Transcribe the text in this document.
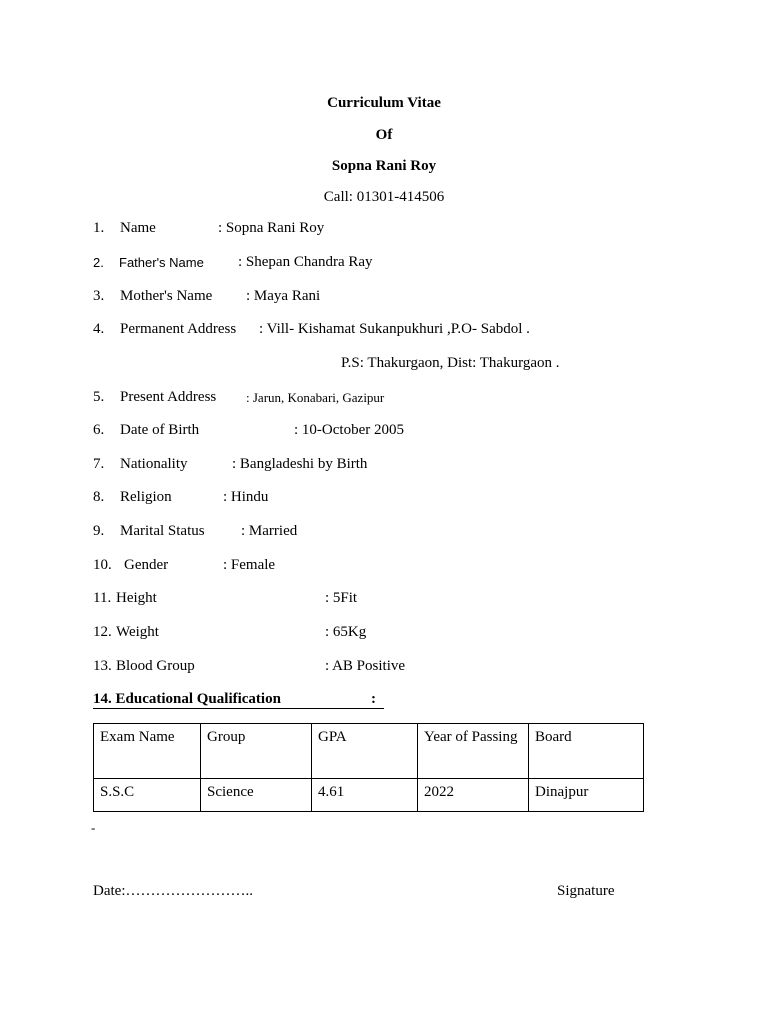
Curriculum Vitae
Of
Sopna Rani Roy
Call: 01301-414506
1. Name	: Sopna Rani Roy
2. Father's Name : Shepan Chandra Ray
3. Mother's Name : Maya Rani
4. Permanent Address : Vill- Kishamat Sukanpukhuri ,P.O- Sabdol .
P.S: Thakurgaon, Dist: Thakurgaon .
5. Present Address : Jarun, Konabari, Gazipur
6. Date of Birth	: 10-October 2005
7. Nationality	: Bangladeshi by Birth
8. Religion	: Hindu
9. Marital Status : Married
10. Gender	: Female
11. Height	: 5Fit
12. Weight	: 65Kg
13. Blood Group	: AB Positive
14. Educational Qualification	:
Exam Name	Group	GPA	Year of Passing	Board
S.S.C	Science	4.61	2022	Dinajpur
-
Date:……………………..	Signature
